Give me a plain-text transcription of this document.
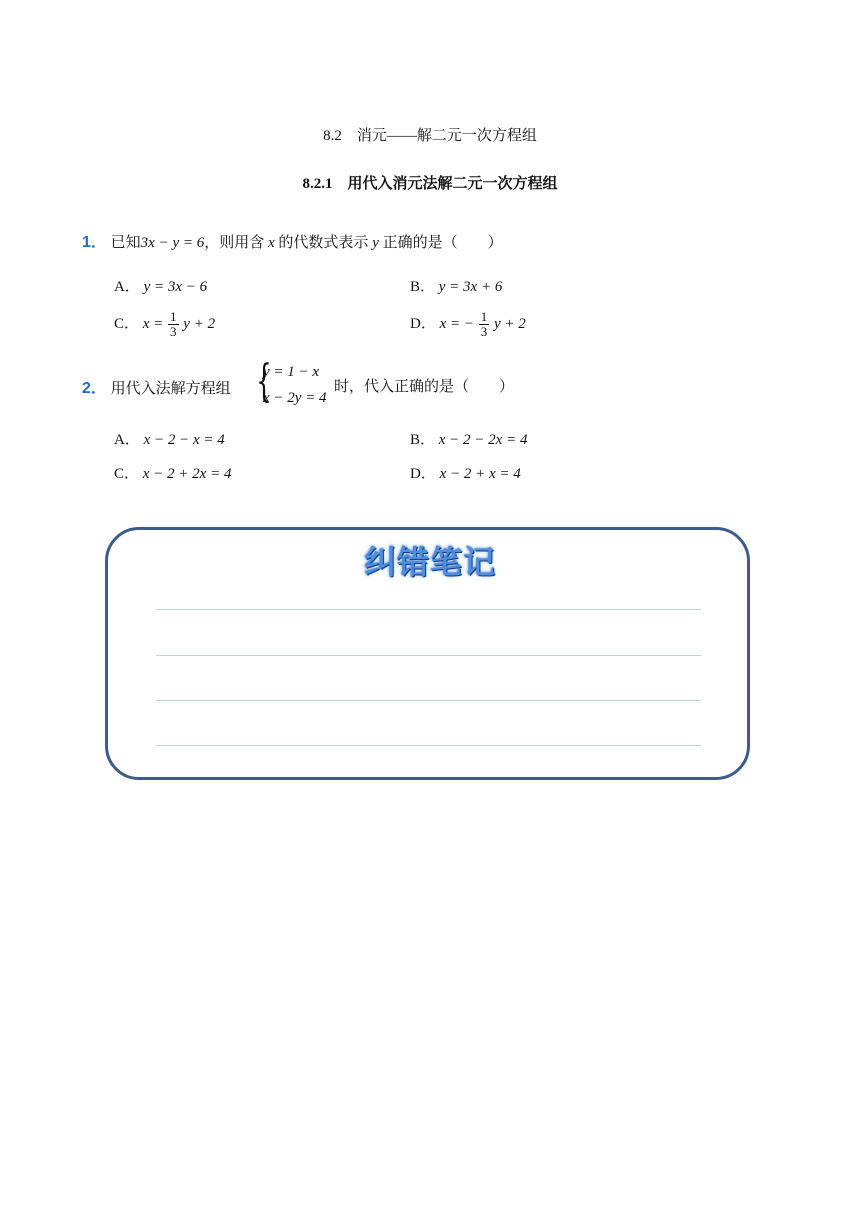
8.2　消元——解二元一次方程组
8.2.1　用代入消元法解二元一次方程组
1． 已知3x − y = 6，则用含 x 的代数式表示 y 正确的是（　　）
A． y = 3x − 6	B． y = 3x + 6
C． $x = \frac{1}{3}$ y + 2	D． x = − $\frac{1}{3}$ y + 2
2． 用代入法解方程组 {
y = 1 − x
x − 2y = 4
时，代入正确的是（　　）
A． x − 2 − x = 4	B． x − 2 − 2x = 4
C． x − 2 + 2x = 4	D． x − 2 + x = 4
纠错笔记
